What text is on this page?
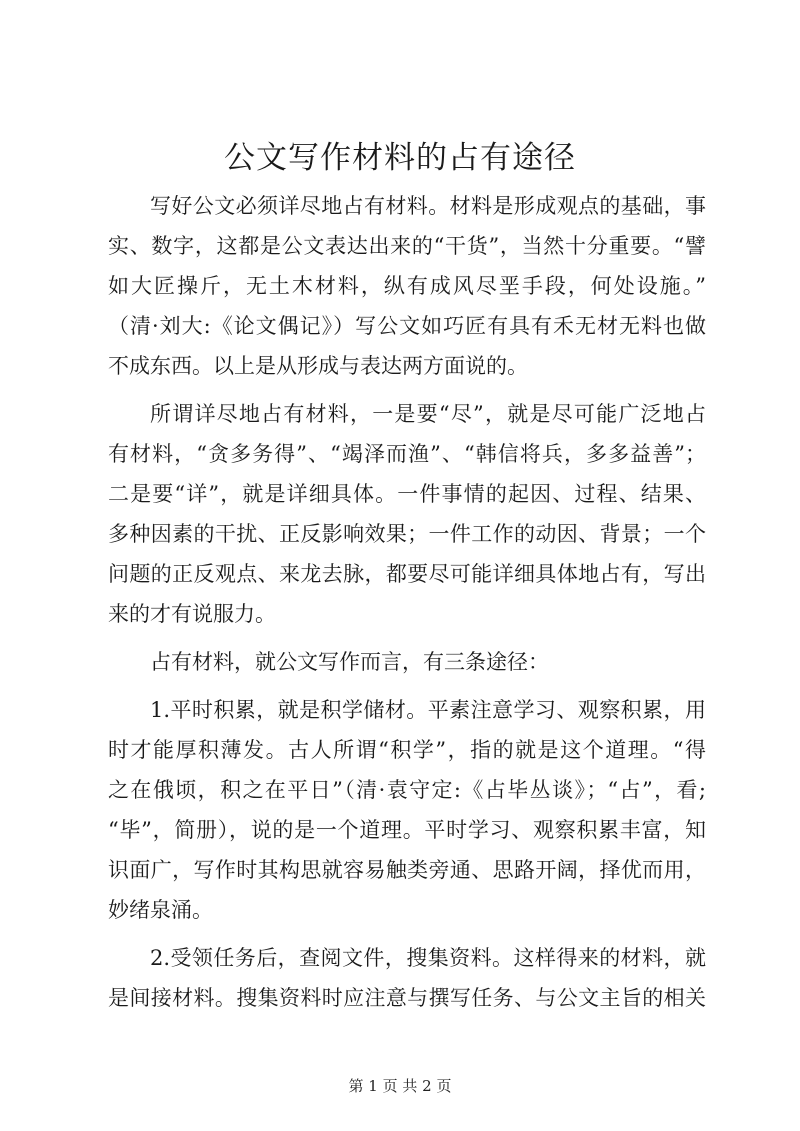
公文写作材料的占有途径
写好公文必须详尽地占有材料。材料是形成观点的基础，事
实、数字，这都是公文表达出来的“干货”，当然十分重要。“譬
如大匠操斤，无土木材料，纵有成风尽垩手段，何处设施。”
（清·刘大:《论文偶记》）写公文如巧匠有具有禾无材无料也做
不成东西。以上是从形成与表达两方面说的。
所谓详尽地占有材料，一是要“尽”，就是尽可能广泛地占
有材料，“贪多务得”、“竭泽而渔”、“韩信将兵，多多益善”；
二是要“详”，就是详细具体。一件事情的起因、过程、结果、
多种因素的干扰、正反影响效果；一件工作的动因、背景；一个
问题的正反观点、来龙去脉，都要尽可能详细具体地占有，写出
来的才有说服力。
占有材料，就公文写作而言，有三条途径：
1.平时积累，就是积学储材。平素注意学习、观察积累，用
时才能厚积薄发。古人所谓“积学”，指的就是这个道理。“得
之在俄顷，积之在平日”（清·袁守定:《占毕丛谈》；“占”，看;
“毕”，简册），说的是一个道理。平时学习、观察积累丰富，知
识面广，写作时其构思就容易触类旁通、思路开阔，择优而用，
妙绪泉涌。
2.受领任务后，查阅文件，搜集资料。这样得来的材料，就
是间接材料。搜集资料时应注意与撰写任务、与公文主旨的相关
第 1 页 共 2 页
